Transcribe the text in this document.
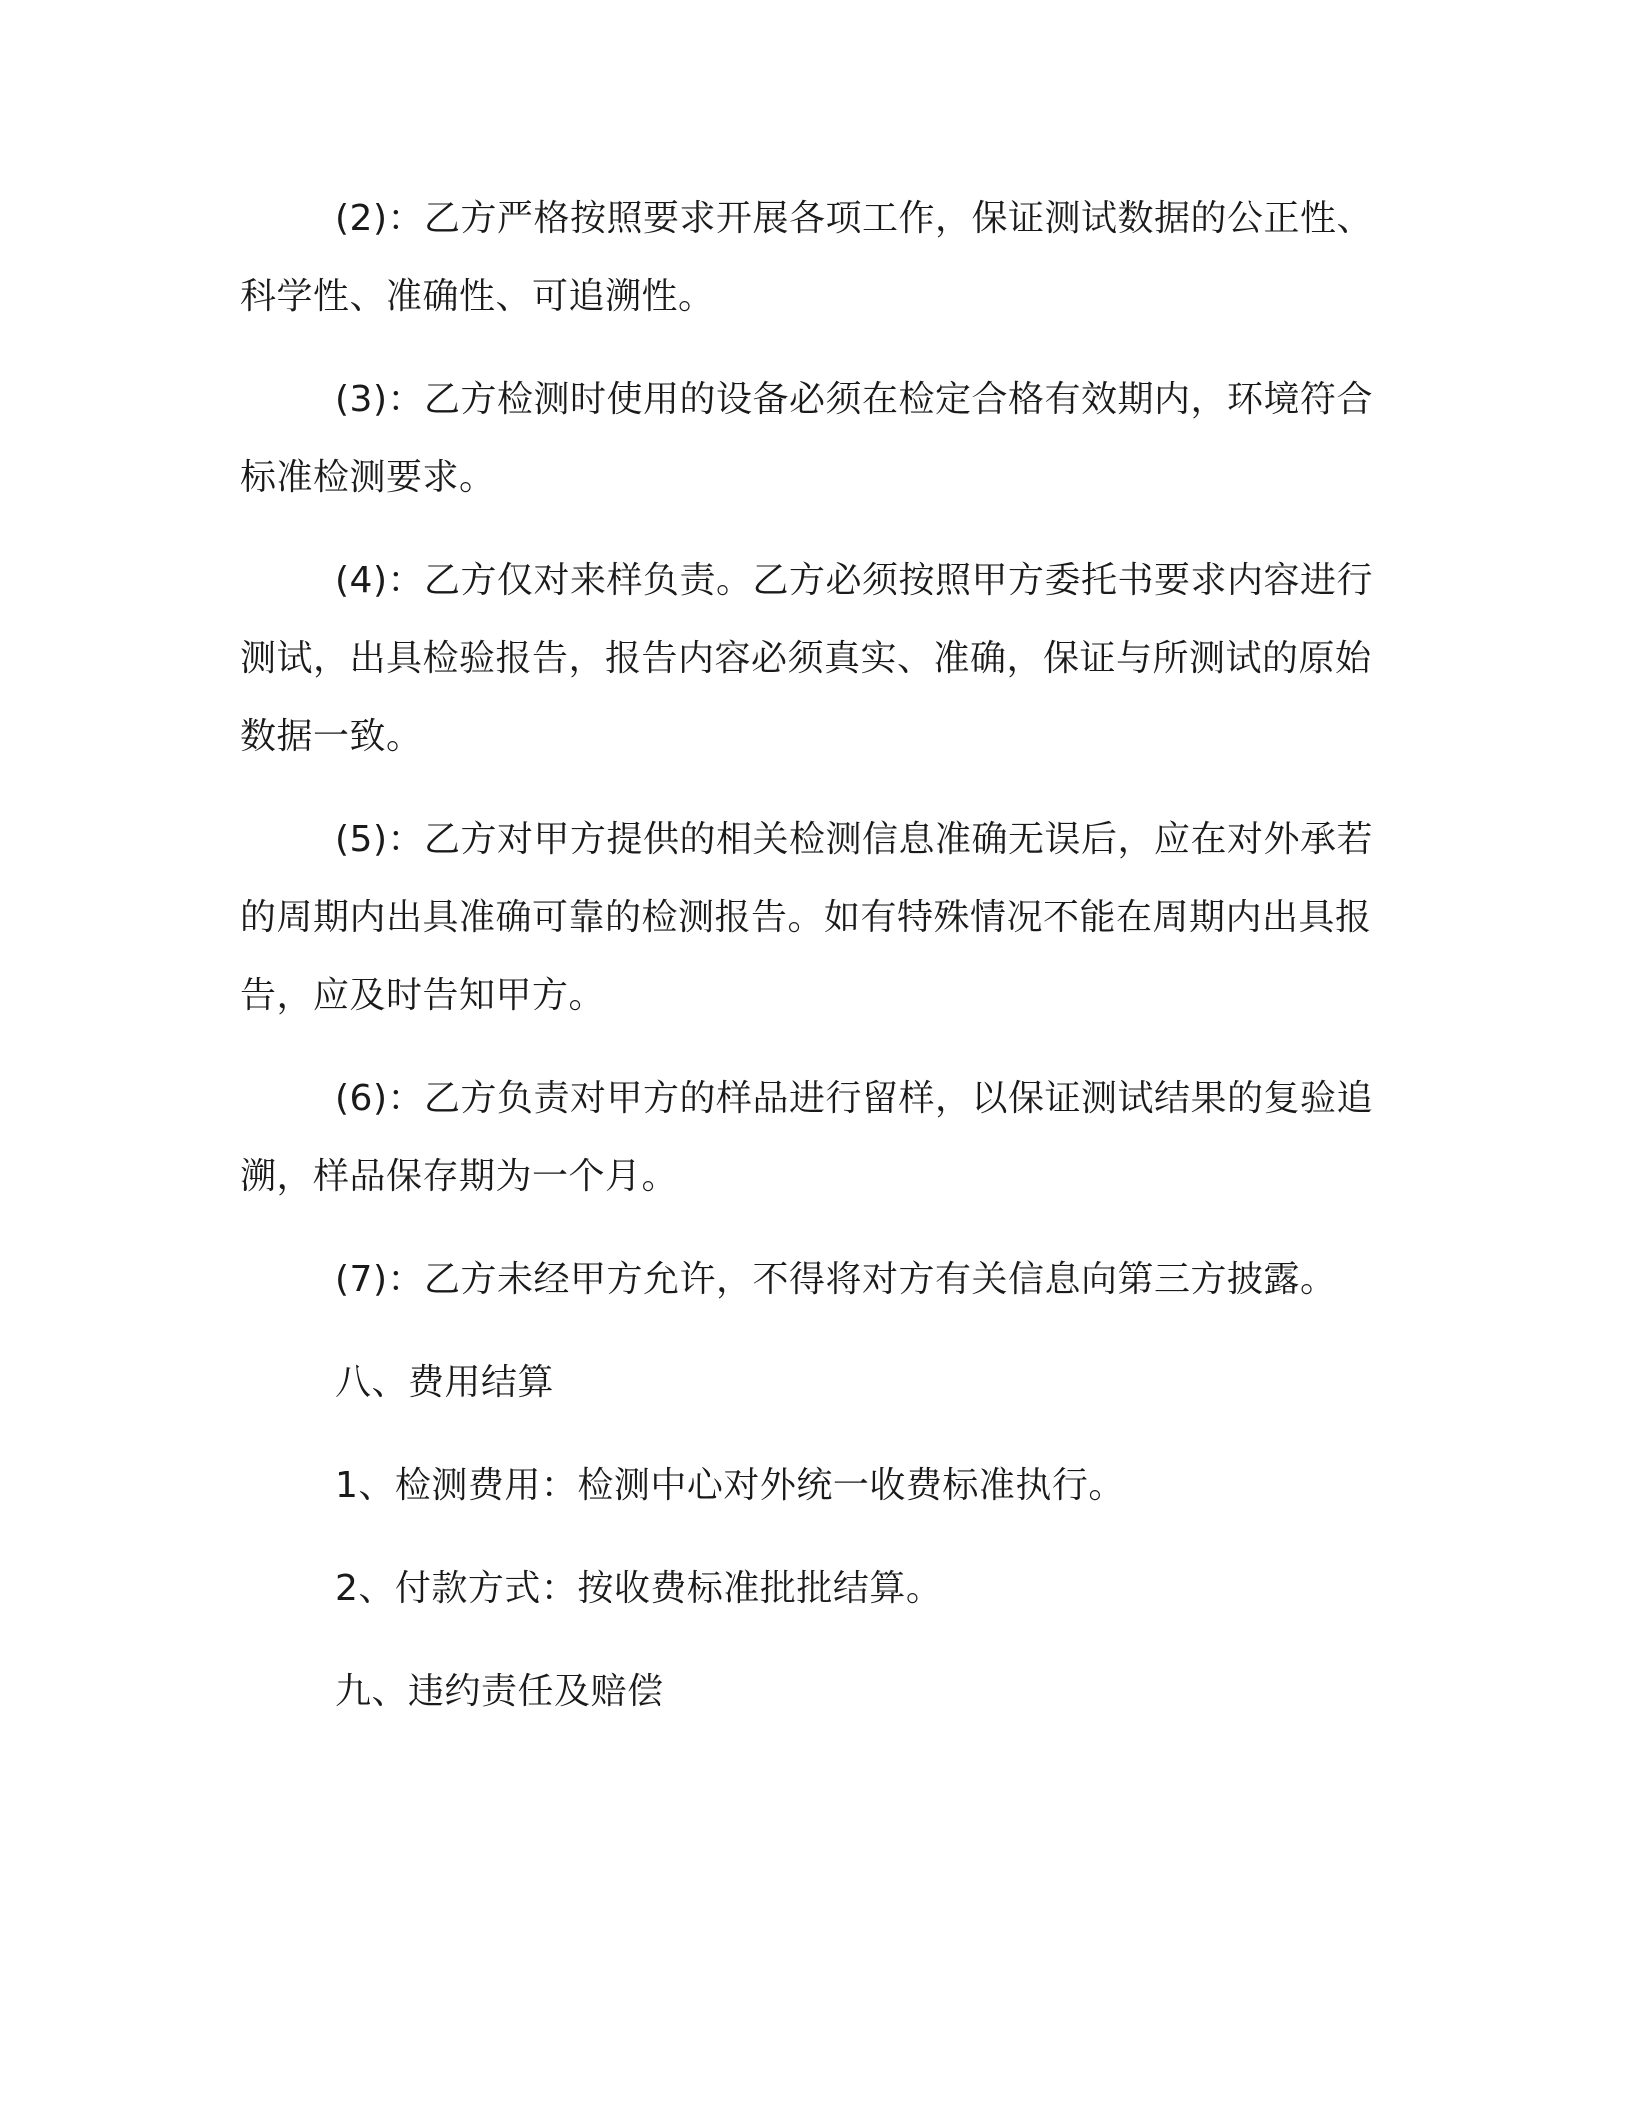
(2)：乙方严格按照要求开展各项工作，保证测试数据的公正性、科学性、准确性、可追溯性。

(3)：乙方检测时使用的设备必须在检定合格有效期内，环境符合标准检测要求。

(4)：乙方仅对来样负责。乙方必须按照甲方委托书要求内容进行测试，出具检验报告，报告内容必须真实、准确，保证与所测试的原始数据一致。

(5)：乙方对甲方提供的相关检测信息准确无误后，应在对外承若的周期内出具准确可靠的检测报告。如有特殊情况不能在周期内出具报告，应及时告知甲方。

(6)：乙方负责对甲方的样品进行留样，以保证测试结果的复验追溯，样品保存期为一个月。

(7)：乙方未经甲方允许，不得将对方有关信息向第三方披露。

八、费用结算

1、检测费用：检测中心对外统一收费标准执行。

2、付款方式：按收费标准批批结算。

九、违约责任及赔偿
